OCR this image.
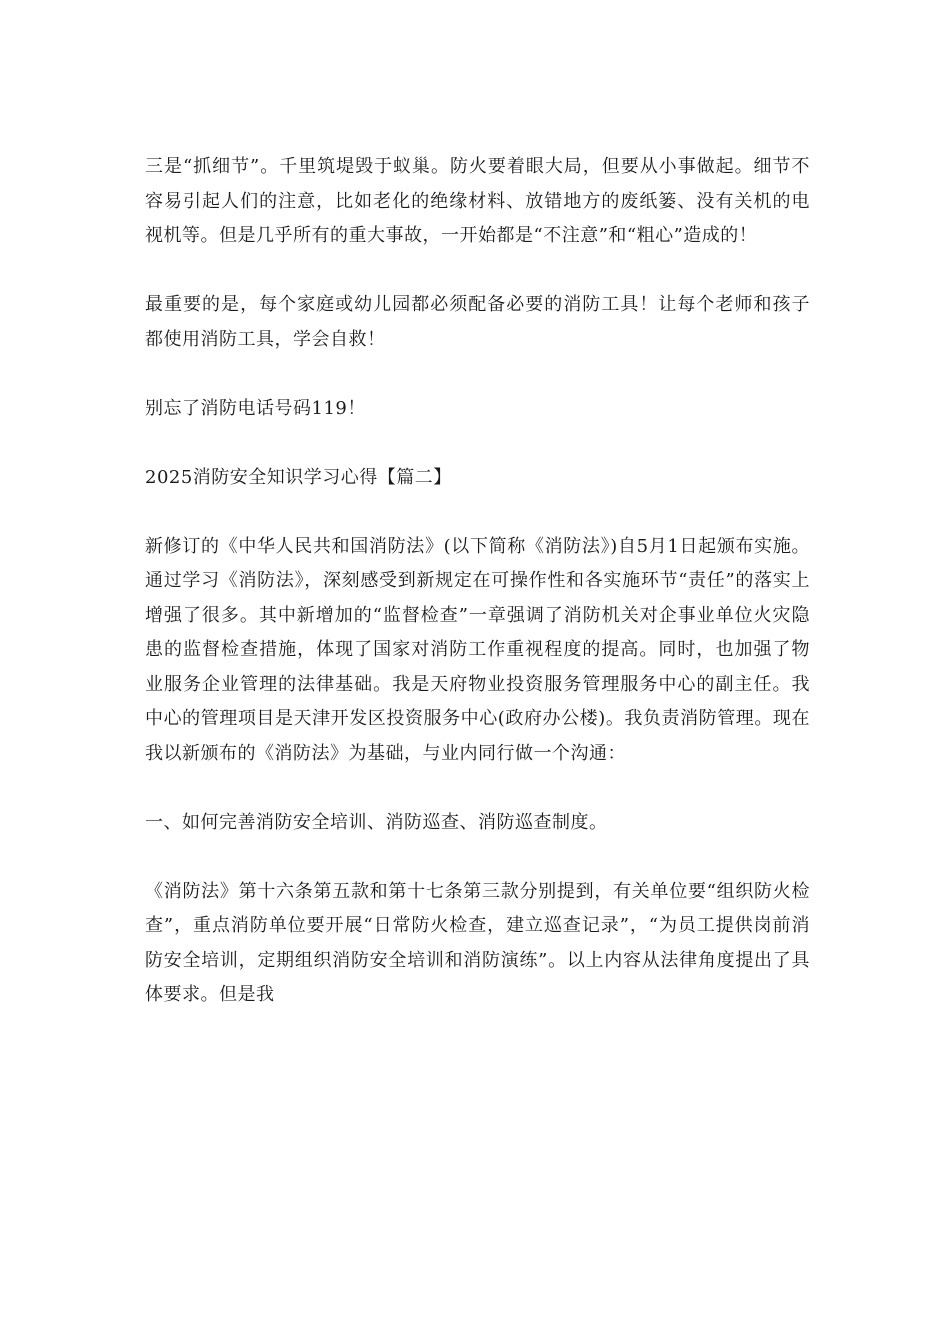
三是“抓细节”。千里筑堤毁于蚁巢。防火要着眼大局，但要从小事做起。细节不容易引起人们的注意，比如老化的绝缘材料、放错地方的废纸篓、没有关机的电视机等。但是几乎所有的重大事故，一开始都是“不注意”和“粗心”造成的！

最重要的是，每个家庭或幼儿园都必须配备必要的消防工具！让每个老师和孩子都使用消防工具，学会自救！

别忘了消防电话号码119！

2025消防安全知识学习心得【篇二】

新修订的《中华人民共和国消防法》(以下简称《消防法》)自5月1日起颁布实施。通过学习《消防法》，深刻感受到新规定在可操作性和各实施环节“责任”的落实上增强了很多。其中新增加的“监督检查”一章强调了消防机关对企事业单位火灾隐患的监督检查措施，体现了国家对消防工作重视程度的提高。同时，也加强了物业服务企业管理的法律基础。我是天府物业投资服务管理服务中心的副主任。我中心的管理项目是天津开发区投资服务中心(政府办公楼)。我负责消防管理。现在我以新颁布的《消防法》为基础，与业内同行做一个沟通：

一、如何完善消防安全培训、消防巡查、消防巡查制度。

《消防法》第十六条第五款和第十七条第三款分别提到，有关单位要“组织防火检查”，重点消防单位要开展“日常防火检查，建立巡查记录”，“为员工提供岗前消防安全培训，定期组织消防安全培训和消防演练”。以上内容从法律角度提出了具体要求。但是我
